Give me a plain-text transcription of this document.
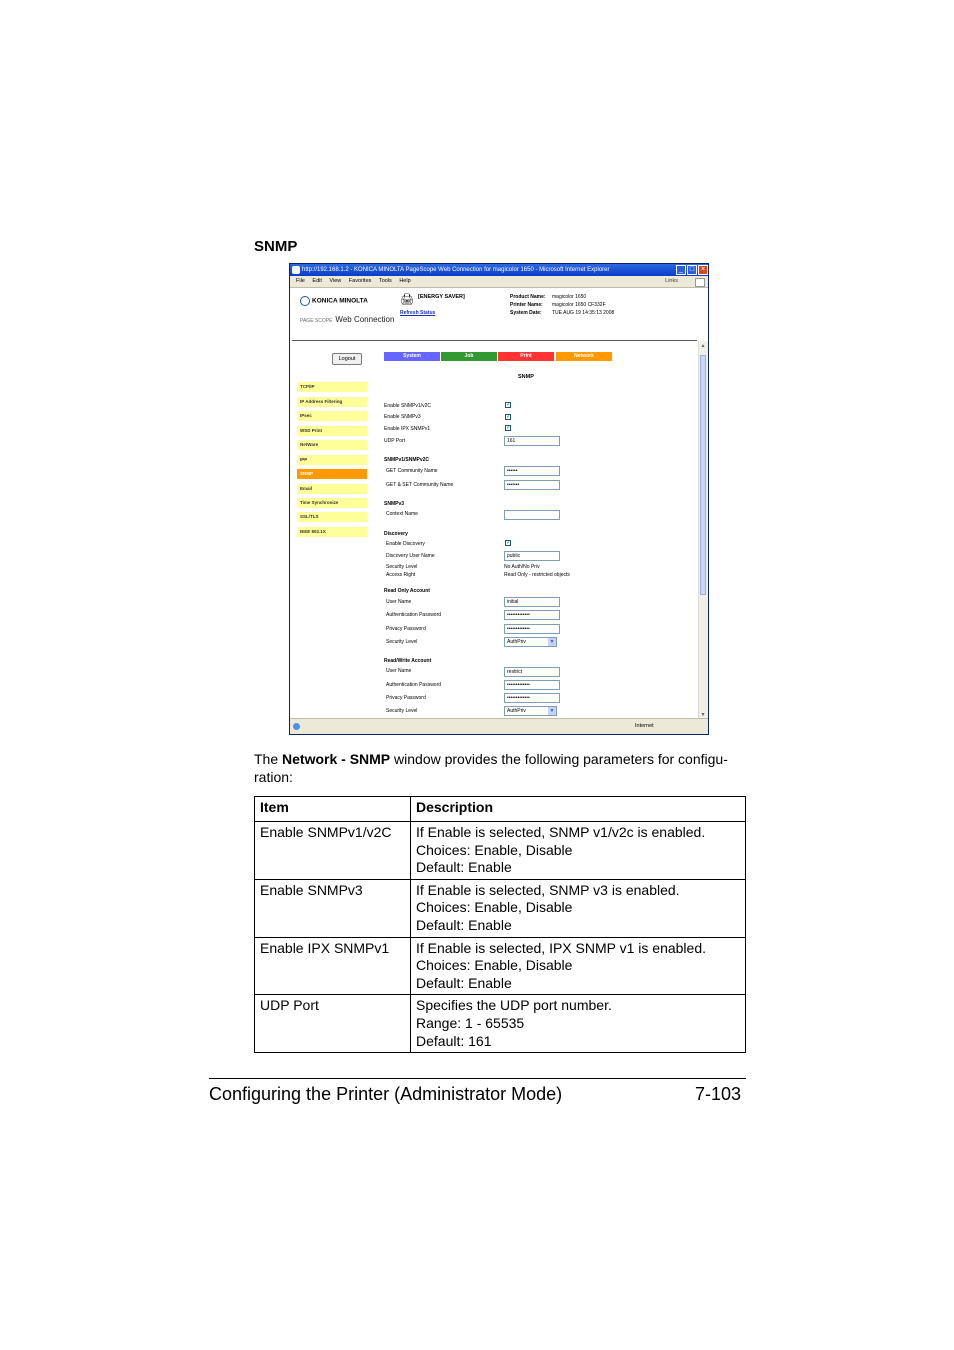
SNMP
http://192.168.1.2 - KONICA MINOLTA PageScope Web Connection for magicolor 1650 - Microsoft Internet Explorer	_ □ ×
File Edit View Favorites Tools Help	Links
KONICA MINOLTA
PAGE SCOPE Web Connection
🖨 [ENERGY SAVER]
Refresh Status
Product Name: magicolor 1650
Printer Name: magicolor 1650 CF332F
System Date: TUE AUG 19 14:35:13 2008
Logout	System	Job	Print	Network
TCP/IP
IP Address Filtering
IPsec
WSD Print
NetWare
IPP
SNMP
Email
Time Synchronize
SSL/TLS
IEEE 802.1X
SNMP
Enable SNMPv1/v2C	✓
Enable SNMPv3	✓
Enable IPX SNMPv1	✓
UDP Port	161
SNMPv1/SNMPv2C
GET Community Name	••••••
GET & SET Community Name	•••••••
SNMPv3
Context Name
Discovery
Enable Discovery	✓
Discovery User Name	public
Security Level	No Auth/No Priv
Access Right	Read Only - restricted objects
Read Only Account
User Name	initial
Authentication Password	•••••••••••••
Privacy Password	•••••••••••••
Security Level	AuthPriv	▼
Read/Write Account
User Name	restrict
Authentication Password	•••••••••••••
Privacy Password	•••••••••••••
Security Level	AuthPriv	▼
▲
▼
Internet
The Network - SNMP window provides the following parameters for configu-ration:
Item	Description
Enable SNMPv1/v2C	If Enable is selected, SNMP v1/v2c is enabled.
Choices: Enable, Disable
Default: Enable

Enable SNMPv3	If Enable is selected, SNMP v3 is enabled.
Choices: Enable, Disable
Default: Enable

Enable IPX SNMPv1	If Enable is selected, IPX SNMP v1 is enabled.
Choices: Enable, Disable
Default: Enable

UDP Port	Specifies the UDP port number.
Range: 1 - 65535
Default: 161
Configuring the Printer (Administrator Mode)	7-103
